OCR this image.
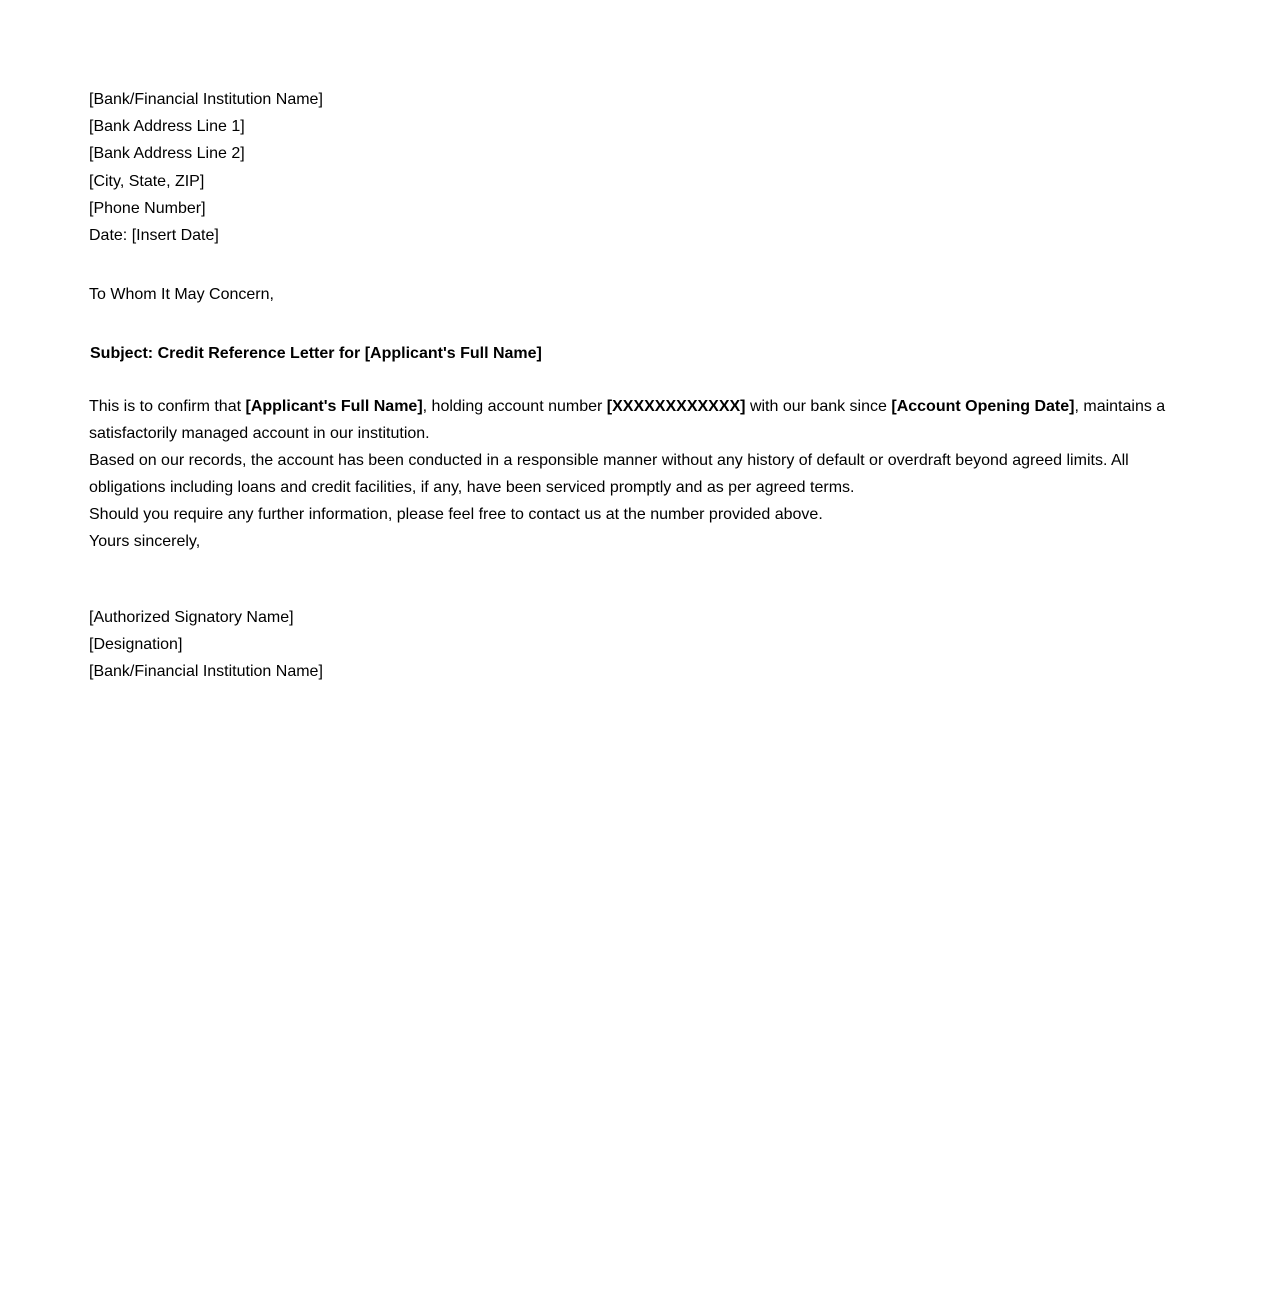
[Bank/Financial Institution Name]

[Bank Address Line 1]

[Bank Address Line 2]

[City, State, ZIP]

[Phone Number]

Date: [Insert Date]

To Whom It May Concern,

Subject: Credit Reference Letter for [Applicant's Full Name]

This is to confirm that [Applicant's Full Name], holding account number [XXXXXXXXXXXX] with our bank since [Account Opening Date], maintains a satisfactorily managed account in our institution.

Based on our records, the account has been conducted in a responsible manner without any history of default or overdraft beyond agreed limits. All obligations including loans and credit facilities, if any, have been serviced promptly and as per agreed terms.

Should you require any further information, please feel free to contact us at the number provided above.

Yours sincerely,

[Authorized Signatory Name]

[Designation]

[Bank/Financial Institution Name]
